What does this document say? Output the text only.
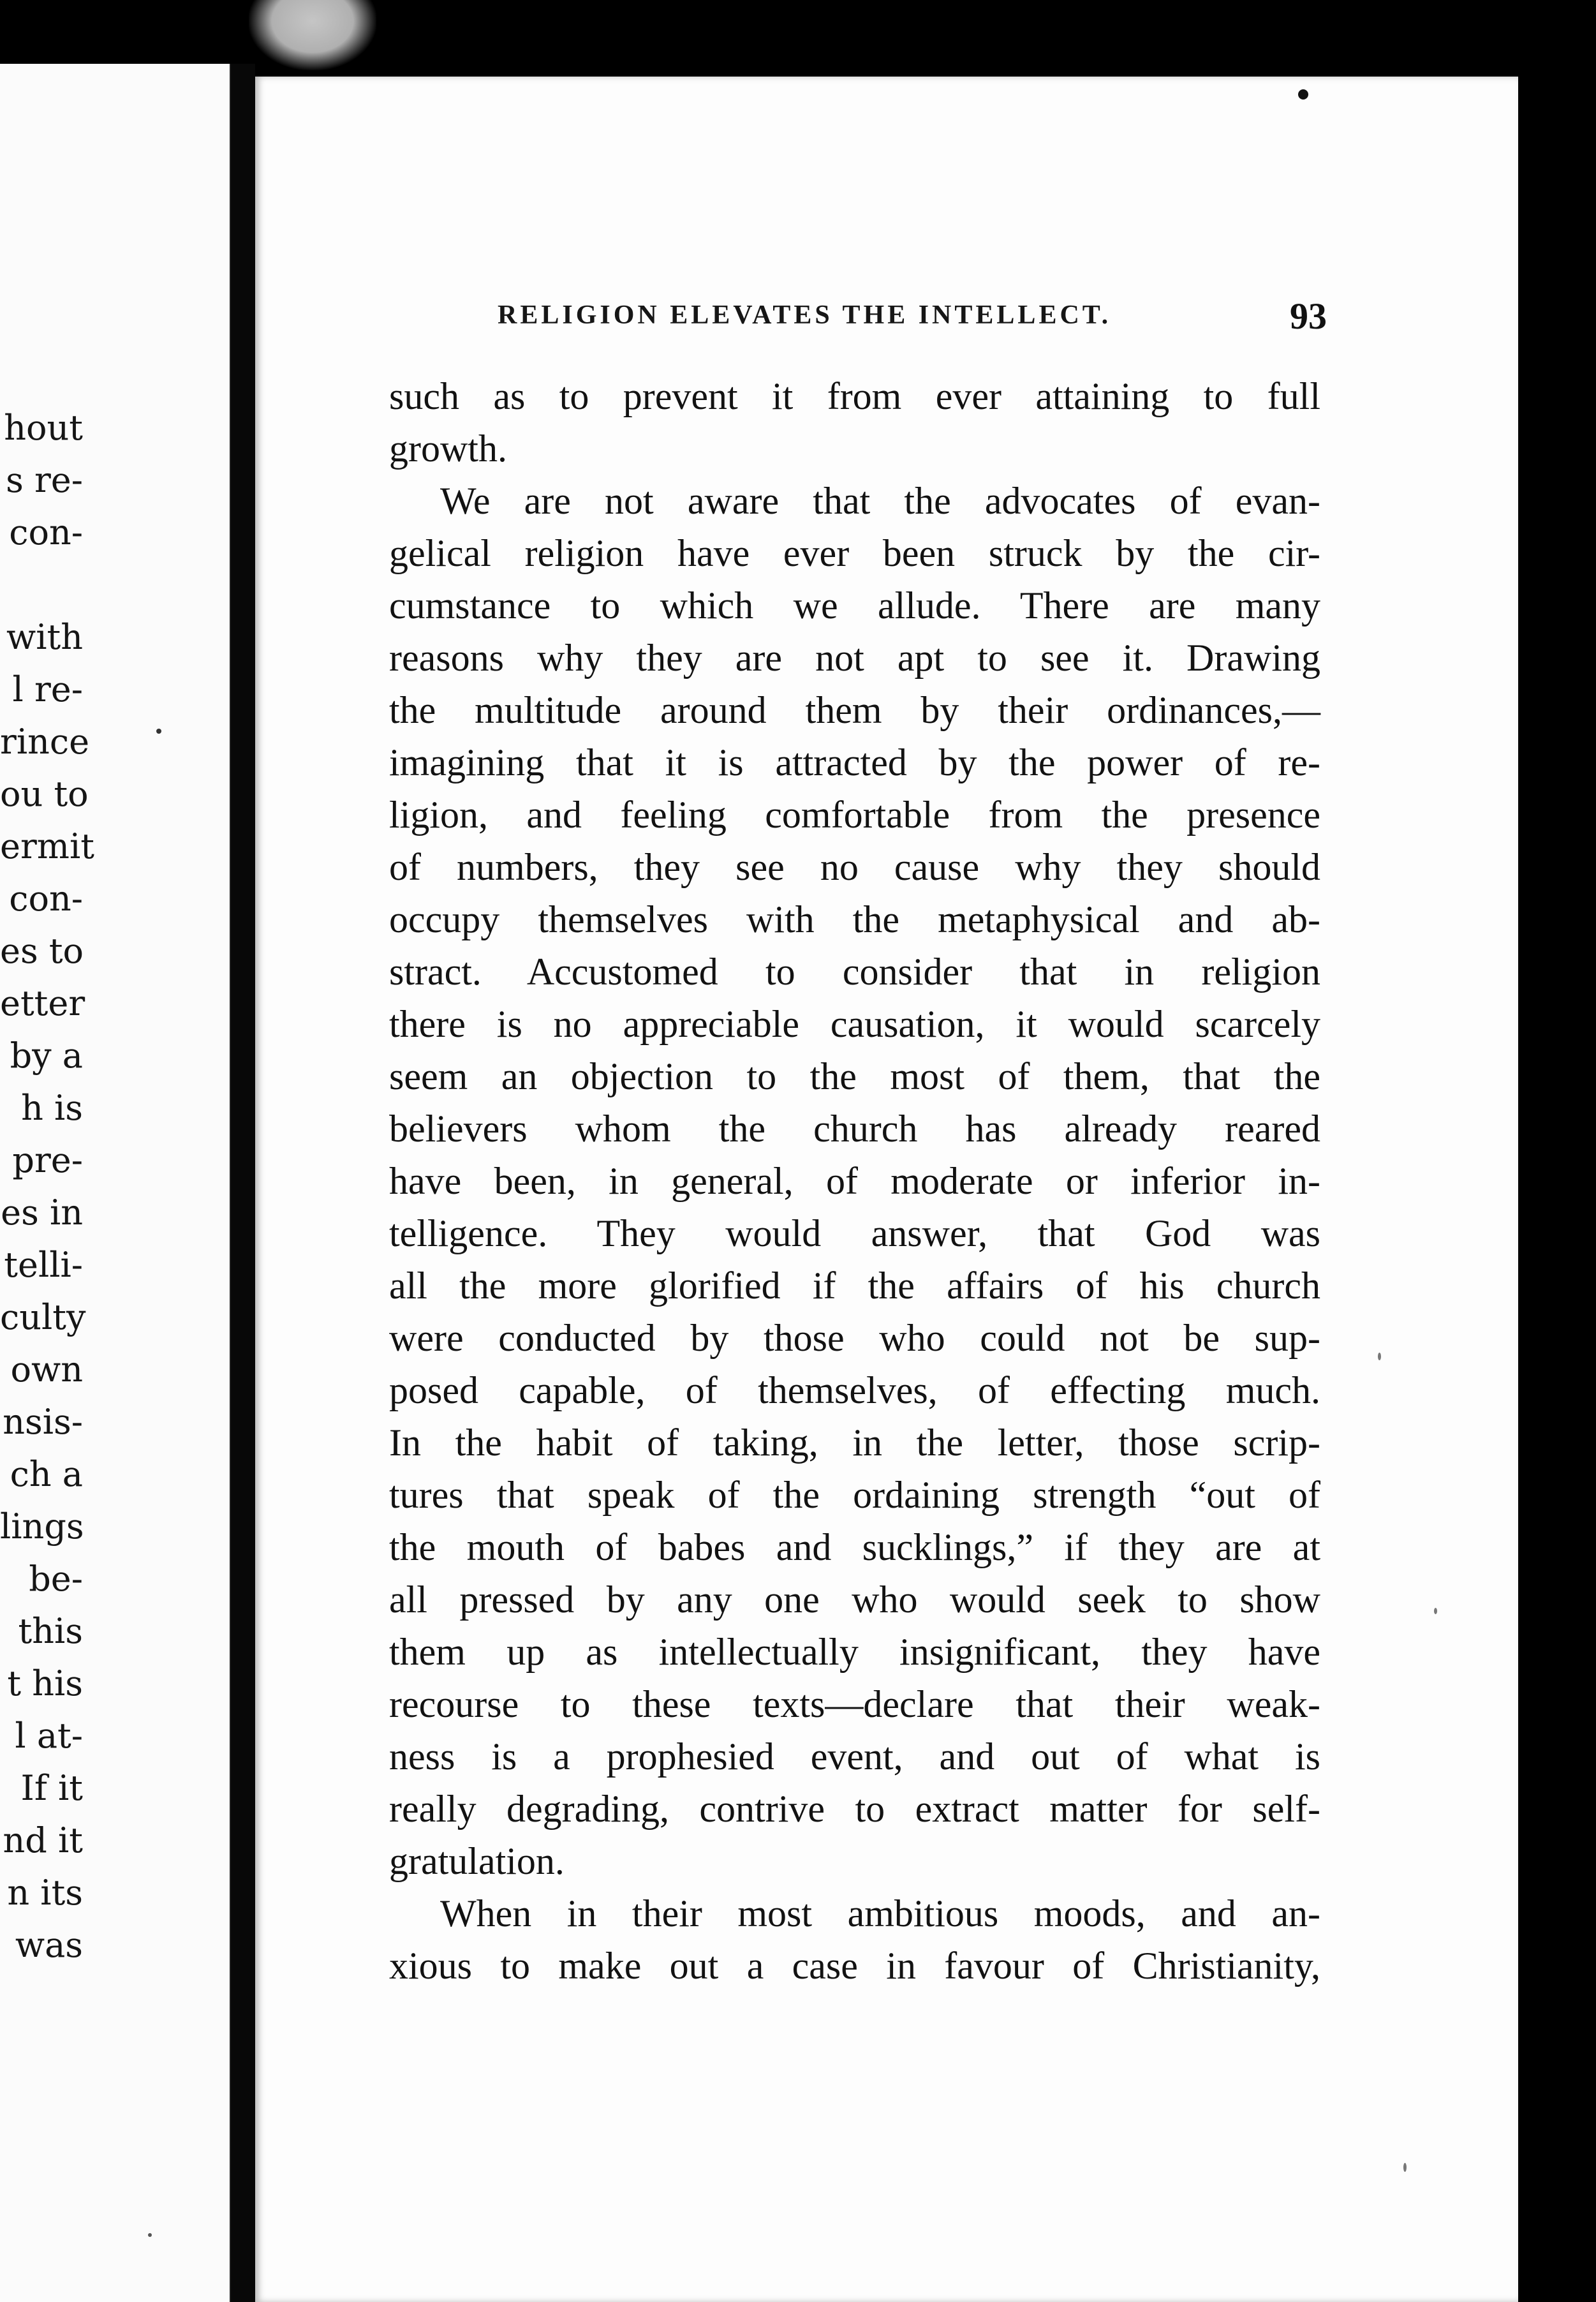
hout
s re-
con-
with
l re-
rince
ou to
ermit
con-
es to
etter
by a
h is
pre-
es in
telli-
culty
own
nsis-
ch a
lings
be-
this
t his
l at-
If it
nd it
n its
was
RELIGION ELEVATES THE INTELLECT.	93
such as to prevent it from ever attaining to full
growth.
We are not aware that the advocates of evan-
gelical religion have ever been struck by the cir-
cumstance to which we allude. There are many
reasons why they are not apt to see it. Drawing
the multitude around them by their ordinances,—
imagining that it is attracted by the power of re-
ligion, and feeling comfortable from the presence
of numbers, they see no cause why they should
occupy themselves with the metaphysical and ab-
stract. Accustomed to consider that in religion
there is no appreciable causation, it would scarcely
seem an objection to the most of them, that the
believers whom the church has already reared
have been, in general, of moderate or inferior in-
telligence. They would answer, that God was
all the more glorified if the affairs of his church
were conducted by those who could not be sup-
posed capable, of themselves, of effecting much.
In the habit of taking, in the letter, those scrip-
tures that speak of the ordaining strength “out of
the mouth of babes and sucklings,” if they are at
all pressed by any one who would seek to show
them up as intellectually insignificant, they have
recourse to these texts—declare that their weak-
ness is a prophesied event, and out of what is
really degrading, contrive to extract matter for self-
gratulation.
When in their most ambitious moods, and an-
xious to make out a case in favour of Christianity,
